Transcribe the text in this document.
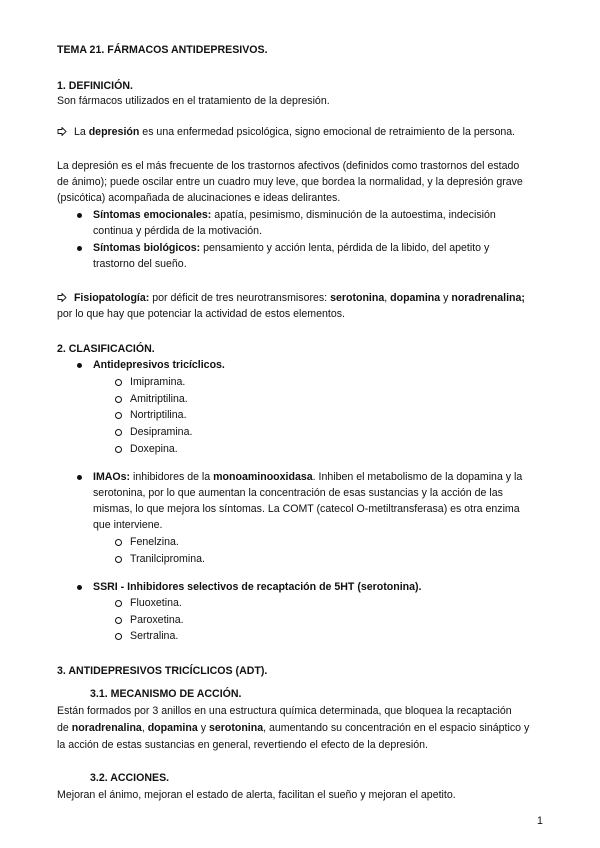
TEMA 21. FÁRMACOS ANTIDEPRESIVOS.
1. DEFINICIÓN.
Son fármacos utilizados en el tratamiento de la depresión.
La depresión es una enfermedad psicológica, signo emocional de retraimiento de la persona.
La depresión es el más frecuente de los trastornos afectivos (definidos como trastornos del estado
de ánimo); puede oscilar entre un cuadro muy leve, que bordea la normalidad, y la depresión grave
(psicótica) acompañada de alucinaciones e ideas delirantes.
Síntomas emocionales: apatía, pesimismo, disminución de la autoestima, indecisión
continua y pérdida de la motivación.
Síntomas biológicos: pensamiento y acción lenta, pérdida de la libido, del apetito y
trastorno del sueño.
Fisiopatología: por déficit de tres neurotransmisores: serotonina, dopamina y noradrenalina;
por lo que hay que potenciar la actividad de estos elementos.
2. CLASIFICACIÓN.
Antidepresivos tricíclicos.
Imipramina.
Amitriptilina.
Nortriptilina.
Desipramina.
Doxepina.
IMAOs: inhibidores de la monoaminooxidasa. Inhiben el metabolismo de la dopamina y la
serotonina, por lo que aumentan la concentración de esas sustancias y la acción de las
mismas, lo que mejora los síntomas. La COMT (catecol O-metiltransferasa) es otra enzima
que interviene.
Fenelzina.
Tranilcipromina.
SSRI - Inhibidores selectivos de recaptación de 5HT (serotonina).
Fluoxetina.
Paroxetina.
Sertralina.
3. ANTIDEPRESIVOS TRICÍCLICOS (ADT).
3.1. MECANISMO DE ACCIÓN.
Están formados por 3 anillos en una estructura química determinada, que bloquea la recaptación
de noradrenalina, dopamina y serotonina, aumentando su concentración en el espacio sináptico y
la acción de estas sustancias en general, revertiendo el efecto de la depresión.
3.2. ACCIONES.
Mejoran el ánimo, mejoran el estado de alerta, facilitan el sueño y mejoran el apetito.
1
